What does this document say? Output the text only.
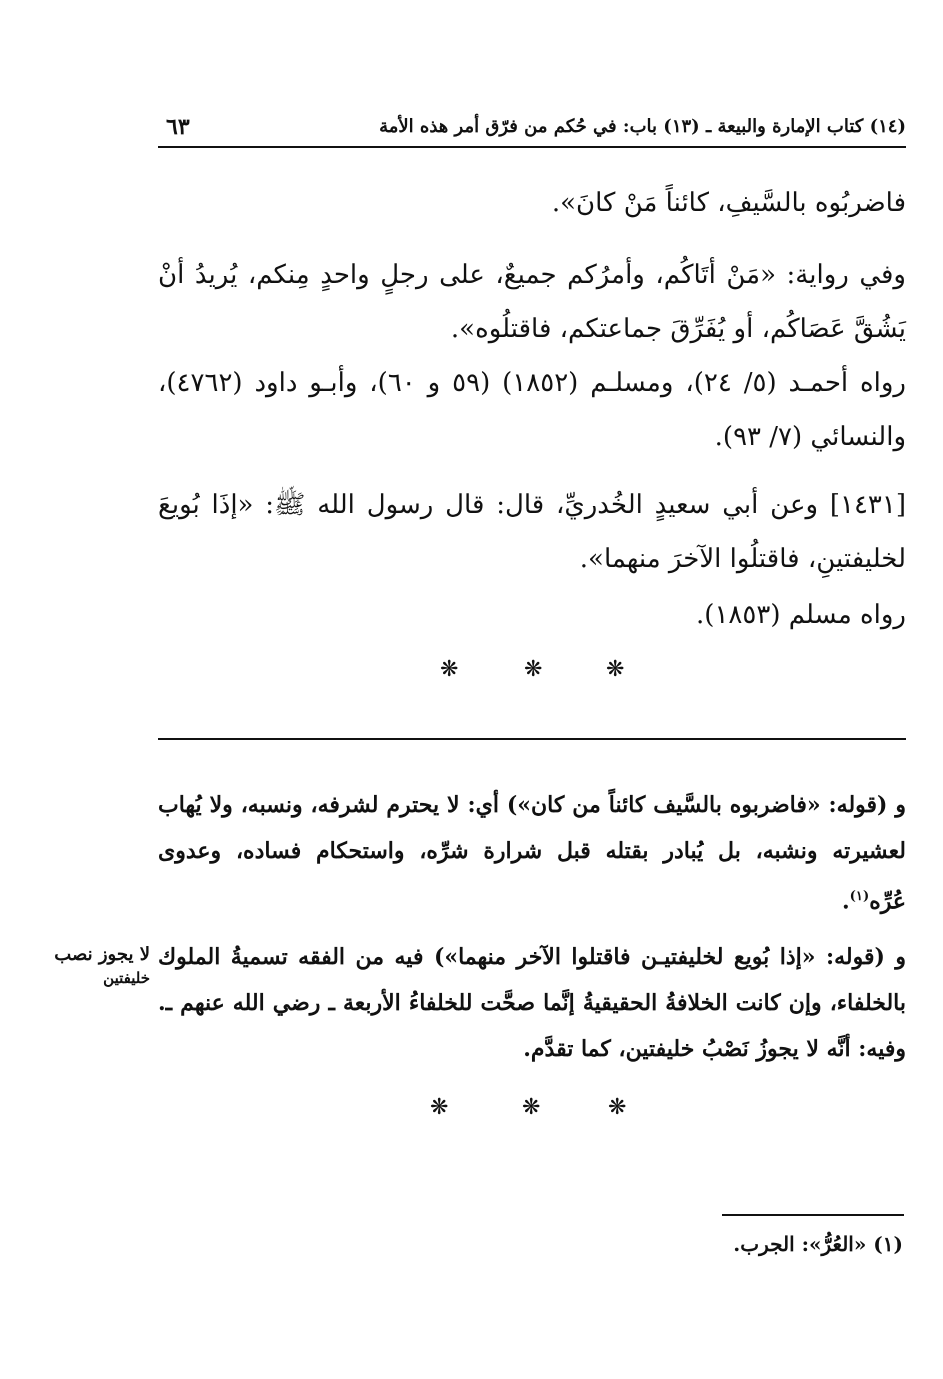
(١٤) كتاب الإمارة والبيعة ـ (١٣) باب: في حُكم من فرّق أمر هذه الأمة
٦٣
فاضربُوه بالسَّيفِ، كائناً مَنْ كانَ».
وفي رواية: «مَنْ أتَاكُم، وأمرُكم جميعٌ، على رجلٍ واحدٍ مِنكم، يُريدُ أنْ يَشُقَّ عَصَاكُم، أو يُفَرِّقَ جماعتكم، فاقتلُوه».
رواه أحمـد (٥/ ٢٤)، ومسلـم (١٨٥٢) (٥٩ و ٦٠)، وأبـو داود (٤٧٦٢)، والنسائي (٧/ ٩٣).
[١٤٣١] وعن أبي سعيدٍ الخُدريِّ، قال: قال رسول الله ﷺ: «إذَا بُويعَ لخليفتينِ، فاقتلُوا الآخرَ منهما».
رواه مسلم (١٨٥٣).
❋	❋	❋
و (قوله: «فاضربوه بالسَّيف كائناً من كان») أي: لا يحترم لشرفه، ونسبه، ولا يُهاب لعشيرته ونشبه، بل يُبادر بقتله قبل شرارة شرِّه، واستحكام فساده، وعدوى عُرِّه$^{(١)}$.
و (قوله: «إذا بُويع لخليفتيـن فاقتلوا الآخر منهما») فيه من الفقه تسميةُ الملوك بالخلفاء، وإن كانت الخلافةُ الحقيقيةُ إنَّما صحَّت للخلفاءُ الأربعة ـ رضي الله عنهم ـ. وفيه: أنَّه لا يجوزُ نَصْبُ خليفتين، كما تقدَّم.
لا يجوز نصب
خليفتين
❋	❋	❋
(١) «العُرُّ»: الجرب.
